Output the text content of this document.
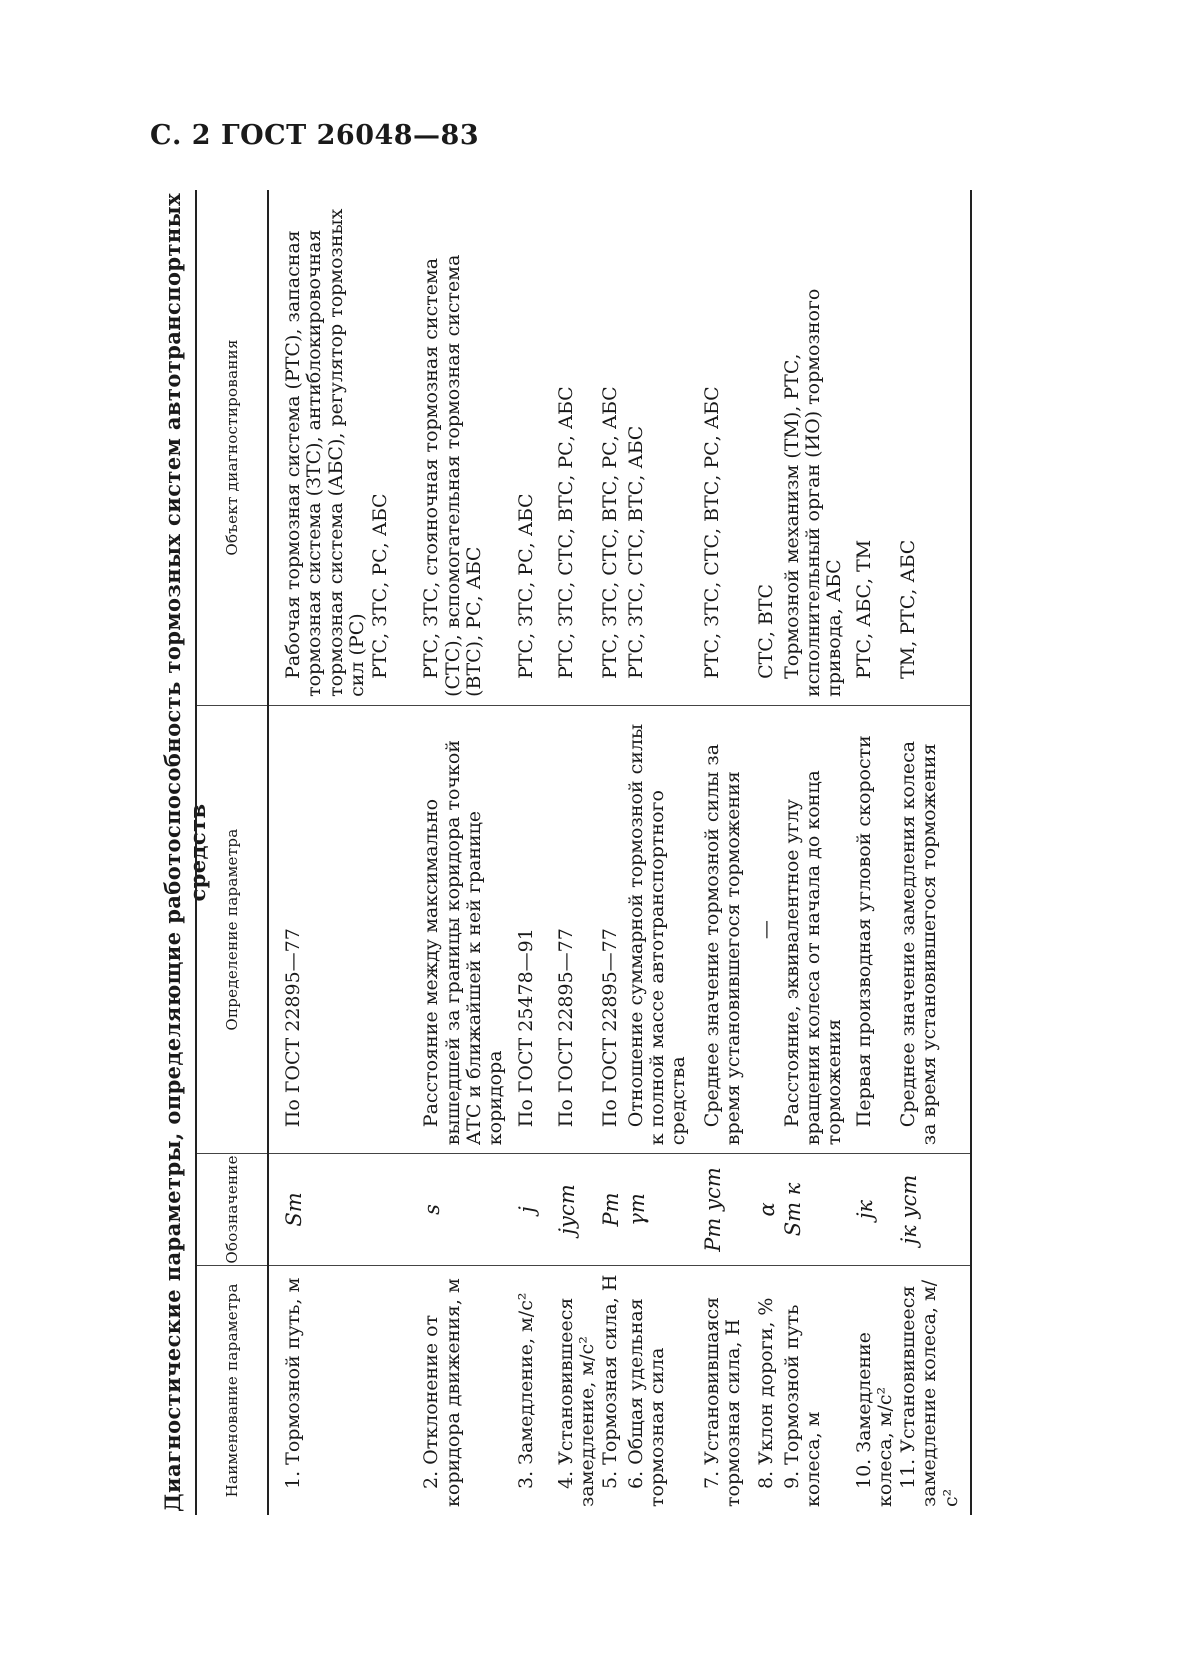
С. 2 ГОСТ 26048—83
Диагностические параметры, определяющие работоспособность тормозных систем автотранспортных средств
Наименование параметра	Обозначение	Определение параметра	Объект диагностирования
1. Тормозной путь, м	Sт	По ГОСТ 22895—77	Рабочая тормозная система (РТС), запасная тормозная система (ЗТС), антиблокировочная тормозная система (АБС), регулятор тормозных сил (РС)
			РТС, ЗТС, РС, АБС
2. Отклонение от коридора движения, м	s	Расстояние между максимально вышедшей за границы коридора точкой АТС и ближайшей к ней границе коридора	РТС, ЗТС, стояночная тормозная система (СТС), вспомогательная тормозная система (ВТС), РС, АБС
3. Замедление, м/с²	j	По ГОСТ 25478—91	РТС, ЗТС, РС, АБС
4. Установившееся замедление, м/с²	jуст	По ГОСТ 22895—77	РТС, ЗТС, СТС, ВТС, РС, АБС
5. Тормозная сила, Н	Pт	По ГОСТ 22895—77	РТС, ЗТС, СТС, ВТС, РС, АБС
6. Общая удельная тормозная сила	γт	Отношение суммарной тормозной силы к полной массе автотранспортного средства	РТС, ЗТС, СТС, ВТС, АБС
7. Установившаяся тормозная сила, Н	Pт уст	Среднее значение тормозной силы за время установившегося торможения	РТС, ЗТС, СТС, ВТС, РС, АБС
8. Уклон дороги, %	α	—	СТС, ВТС
9. Тормозной путь колеса, м	Sт к	Расстояние, эквивалентное углу вращения колеса от начала до конца торможения	Тормозной механизм (ТМ), РТС, исполнительный орган (ИО) тормозного привода, АБС
10. Замедление колеса, м/с²	jк	Первая производная угловой скорости	РТС, АБС, ТМ
11. Установившееся замедление колеса, м/с²	jк уст	Среднее значение замедления колеса за время установившегося торможения	ТМ, РТС, АБС
